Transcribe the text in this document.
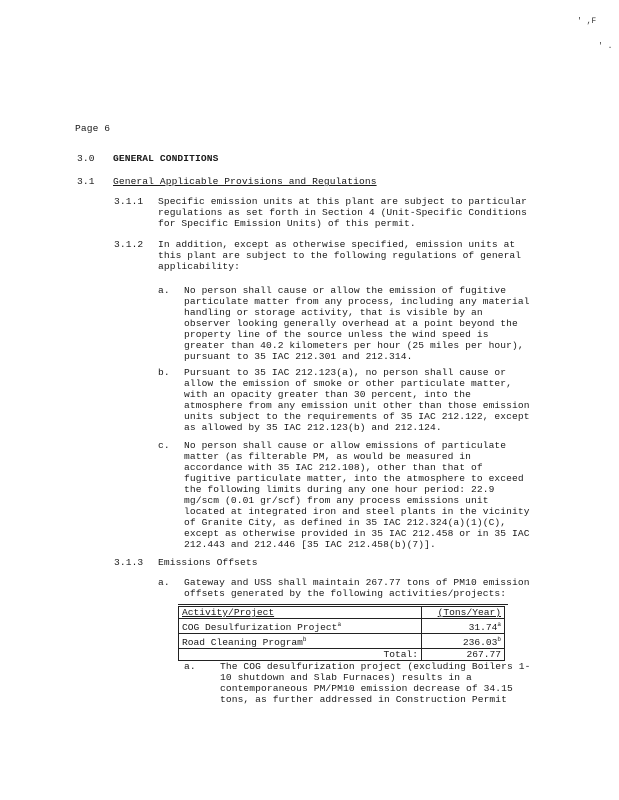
' ,F
' .
Page 6
3.0 GENERAL CONDITIONS
3.1 General Applicable Provisions and Regulations
3.1.1 Specific emission units at this plant are subject to particular
regulations as set forth in Section 4 (Unit-Specific Conditions
for Specific Emission Units) of this permit.
3.1.2 In addition, except as otherwise specified, emission units at
this plant are subject to the following regulations of general
applicability:
a. No person shall cause or allow the emission of fugitive
particulate matter from any process, including any material
handling or storage activity, that is visible by an
observer looking generally overhead at a point beyond the
property line of the source unless the wind speed is
greater than 40.2 kilometers per hour (25 miles per hour),
pursuant to 35 IAC 212.301 and 212.314.
b. Pursuant to 35 IAC 212.123(a), no person shall cause or
allow the emission of smoke or other particulate matter,
with an opacity greater than 30 percent, into the
atmosphere from any emission unit other than those emission
units subject to the requirements of 35 IAC 212.122, except
as allowed by 35 IAC 212.123(b) and 212.124.
c. No person shall cause or allow emissions of particulate
matter (as filterable PM, as would be measured in
accordance with 35 IAC 212.108), other than that of
fugitive particulate matter, into the atmosphere to exceed
the following limits during any one hour period: 22.9
mg/scm (0.01 gr/scf) from any process emissions unit
located at integrated iron and steel plants in the vicinity
of Granite City, as defined in 35 IAC 212.324(a)(1)(C),
except as otherwise provided in 35 IAC 212.458 or in 35 IAC
212.443 and 212.446 [35 IAC 212.458(b)(7)].
3.1.3 Emissions Offsets
a. Gateway and USS shall maintain 267.77 tons of PM10 emission
offsets generated by the following activities/projects:
Activity/Project	(Tons/Year)
COG Desulfurization Project$^a$	31.74$^a$
Road Cleaning Program$^b$	236.03$^b$
Total:	267.77
a.	The COG desulfurization project (excluding Boilers 1-
10 shutdown and Slab Furnaces) results in a
contemporaneous PM/PM10 emission decrease of 34.15
tons, as further addressed in Construction Permit
